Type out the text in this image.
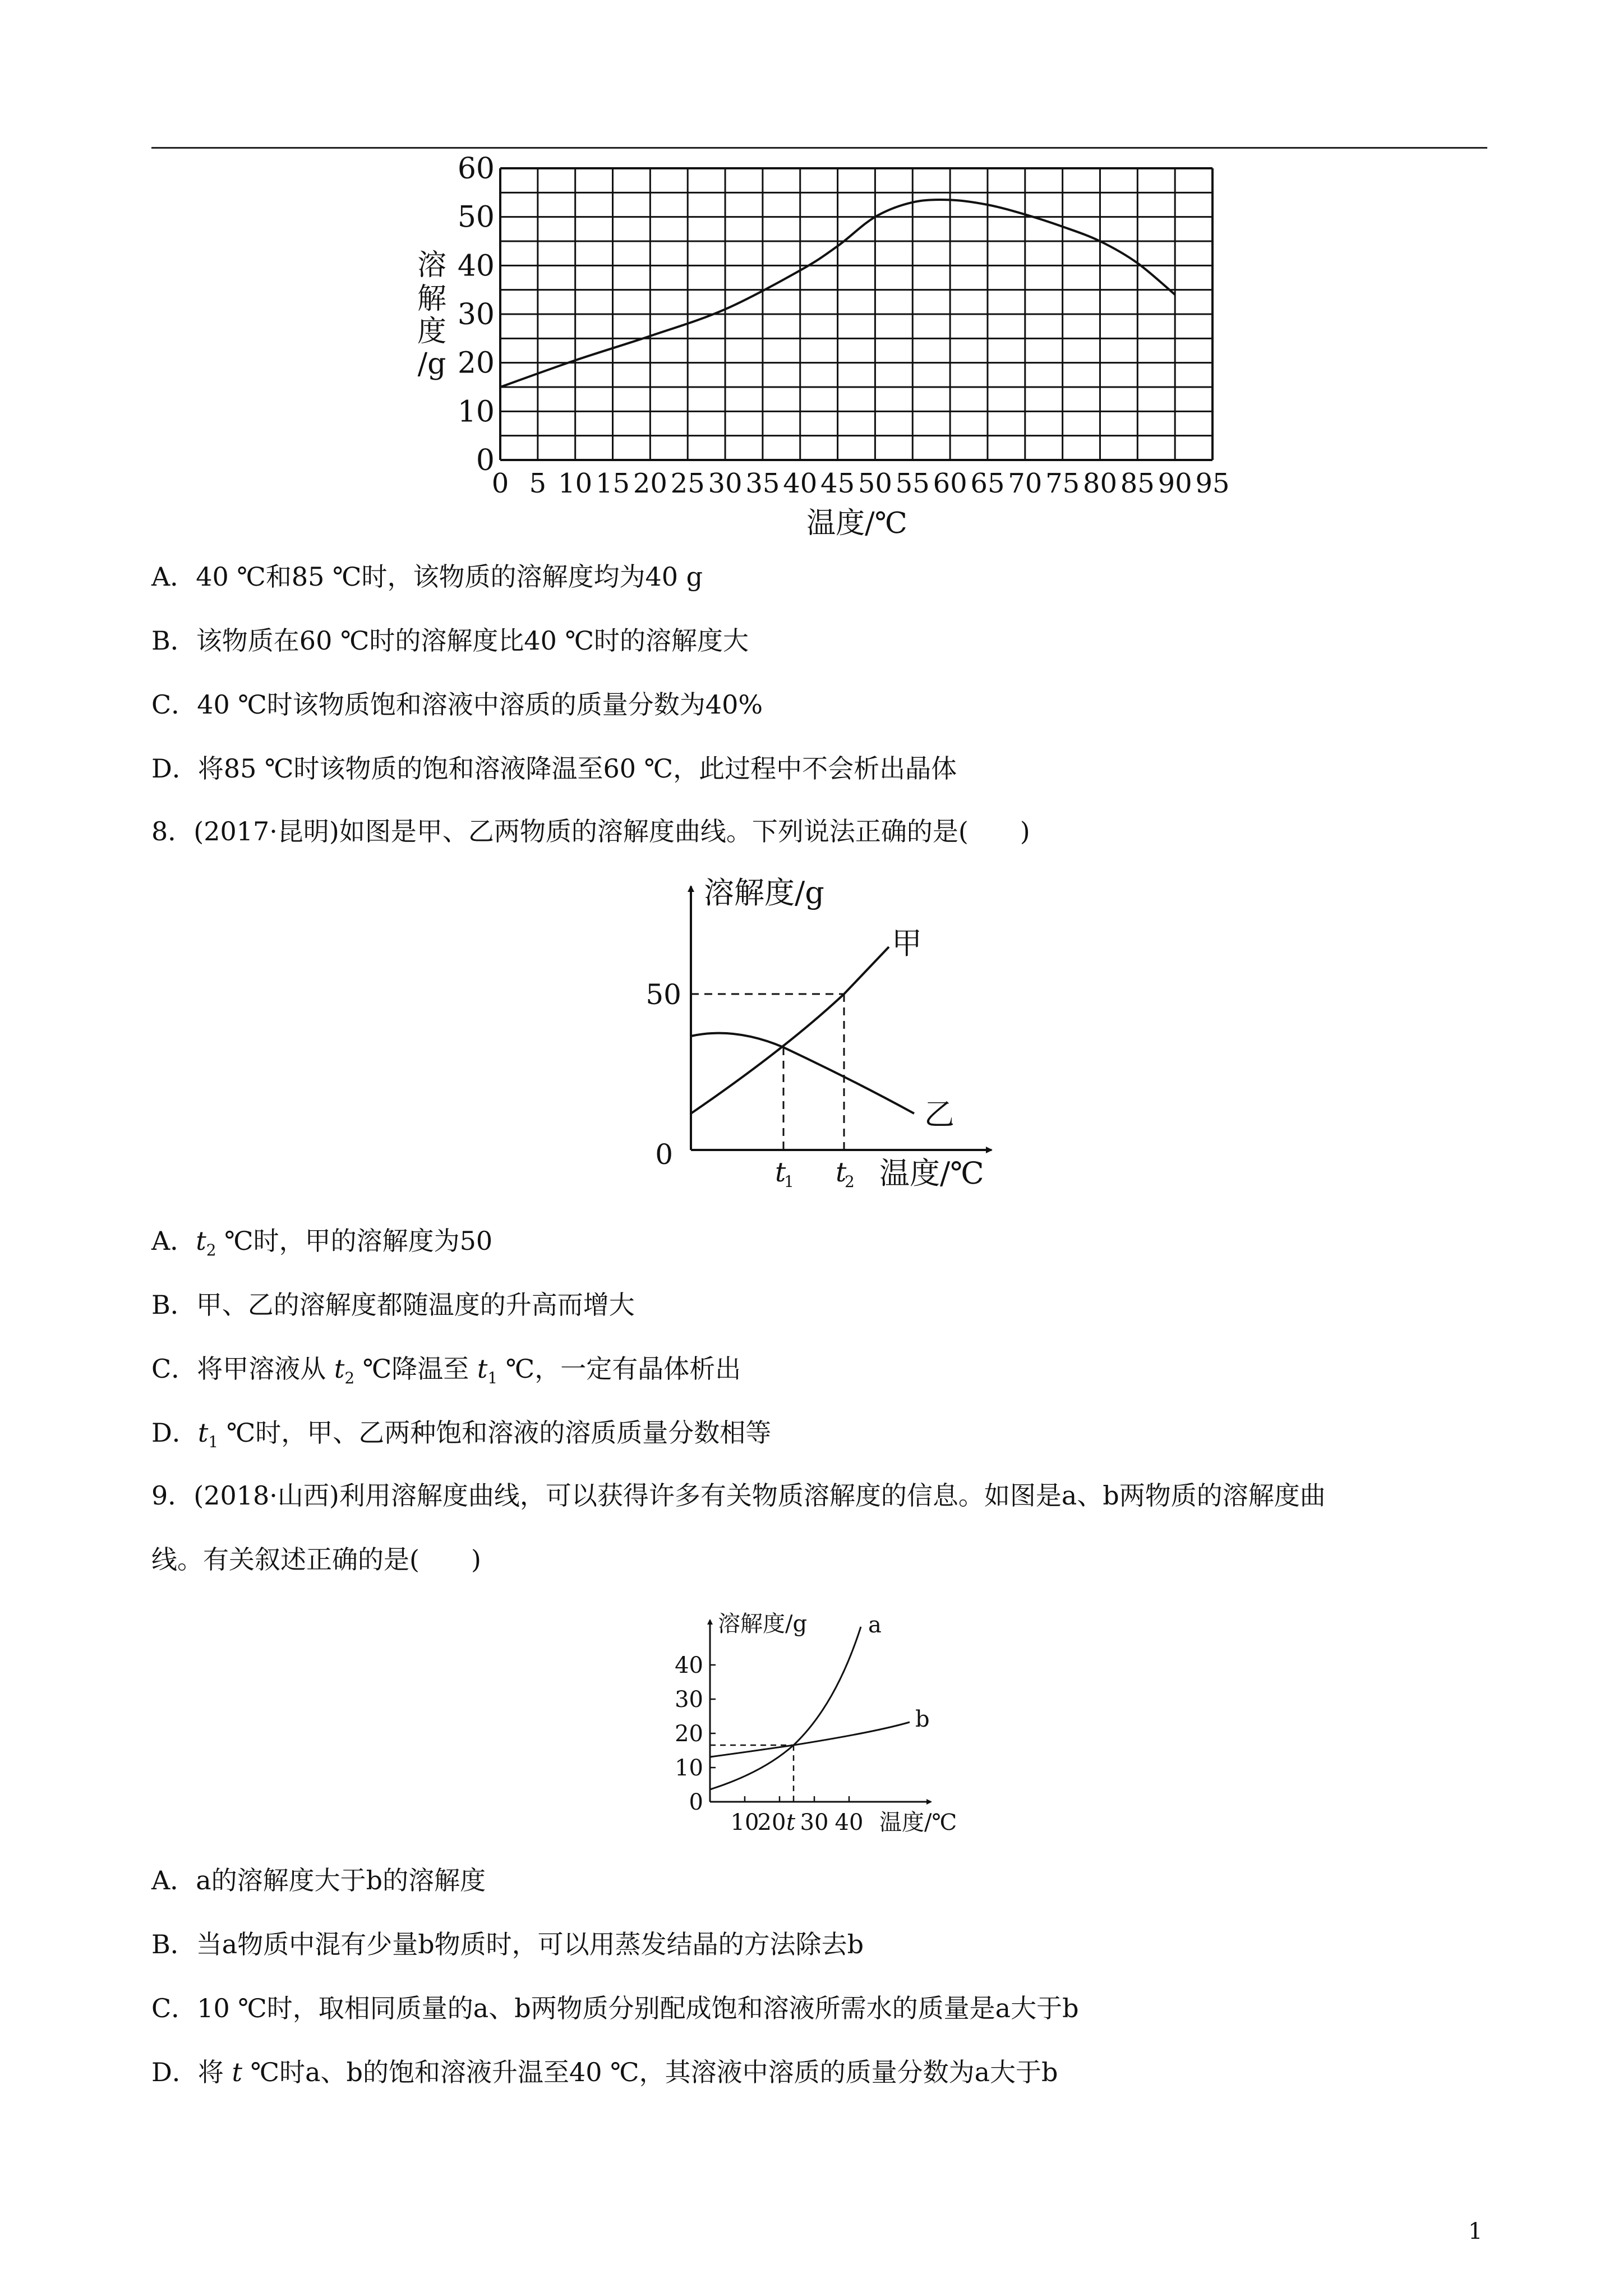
60
50
40
30
20
10
0
0 5 10 15 20 25 30 35 40 45 50 55 60 65 70 75 80 85 90 95
溶
解
度
/g
温度/℃
A．40 ℃和85 ℃时，该物质的溶解度均为40 g
B．该物质在60 ℃时的溶解度比40 ℃时的溶解度大
C．40 ℃时该物质饱和溶液中溶质的质量分数为40%
D．将85 ℃时该物质的饱和溶液降温至60 ℃，此过程中不会析出晶体
8．(2017·昆明)如图是甲、乙两物质的溶解度曲线。下列说法正确的是(　　)
溶解度/g
温度/℃
0
50
甲
乙
t
1 t
2
A．$t_2$ ℃时，甲的溶解度为50
B．甲、乙的溶解度都随温度的升高而增大
C．将甲溶液从 $t_2$ ℃降温至 $t_1$ ℃，一定有晶体析出
D．$t_1$ ℃时，甲、乙两种饱和溶液的溶质质量分数相等
9．(2018·山西)利用溶解度曲线，可以获得许多有关物质溶解度的信息。如图是a、b两物质的溶解度曲
线。有关叙述正确的是(　　)
40
30
20
10
0
10
20 30 40
溶解度/g
温度/℃
t
a
b
A．a的溶解度大于b的溶解度
B．当a物质中混有少量b物质时，可以用蒸发结晶的方法除去b
C．10 ℃时，取相同质量的a、b两物质分别配成饱和溶液所需水的质量是a大于b
D．将 t ℃时a、b的饱和溶液升温至40 ℃，其溶液中溶质的质量分数为a大于b
1
